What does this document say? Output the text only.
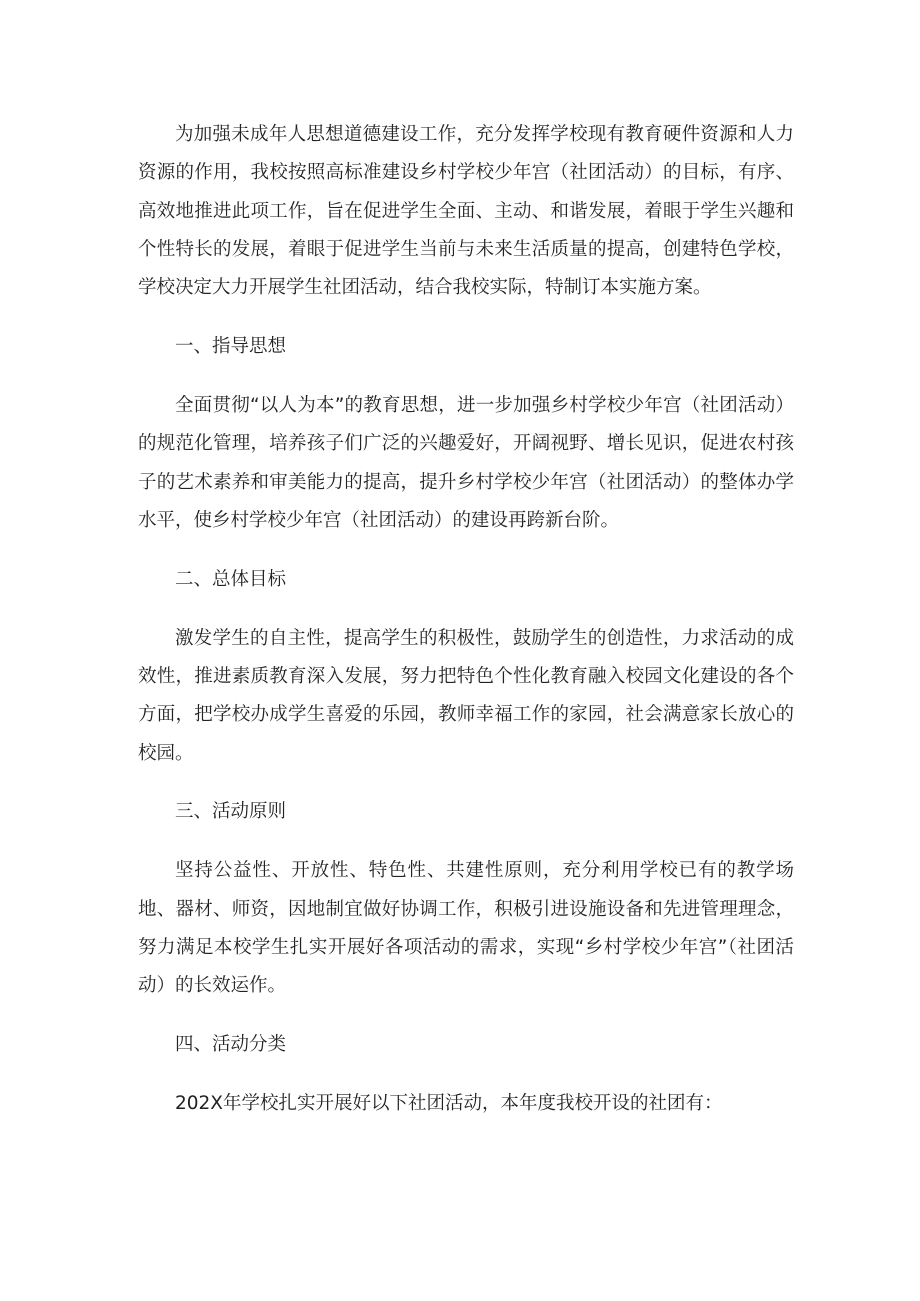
为加强未成年人思想道德建设工作，充分发挥学校现有教育硬件资源和人力资源的作用，我校按照高标准建设乡村学校少年宫（社团活动）的目标，有序、高效地推进此项工作，旨在促进学生全面、主动、和谐发展，着眼于学生兴趣和个性特长的发展，着眼于促进学生当前与未来生活质量的提高，创建特色学校，学校决定大力开展学生社团活动，结合我校实际，特制订本实施方案。

一、指导思想

全面贯彻“以人为本”的教育思想，进一步加强乡村学校少年宫（社团活动）的规范化管理，培养孩子们广泛的兴趣爱好，开阔视野、增长见识，促进农村孩子的艺术素养和审美能力的提高，提升乡村学校少年宫（社团活动）的整体办学水平，使乡村学校少年宫（社团活动）的建设再跨新台阶。

二、总体目标

激发学生的自主性，提高学生的积极性，鼓励学生的创造性，力求活动的成效性，推进素质教育深入发展，努力把特色个性化教育融入校园文化建设的各个方面，把学校办成学生喜爱的乐园，教师幸福工作的家园，社会满意家长放心的校园。

三、活动原则

坚持公益性、开放性、特色性、共建性原则，充分利用学校已有的教学场地、器材、师资，因地制宜做好协调工作，积极引进设施设备和先进管理理念，努力满足本校学生扎实开展好各项活动的需求，实现“乡村学校少年宫”（社团活动）的长效运作。

四、活动分类

202X年学校扎实开展好以下社团活动，本年度我校开设的社团有：
